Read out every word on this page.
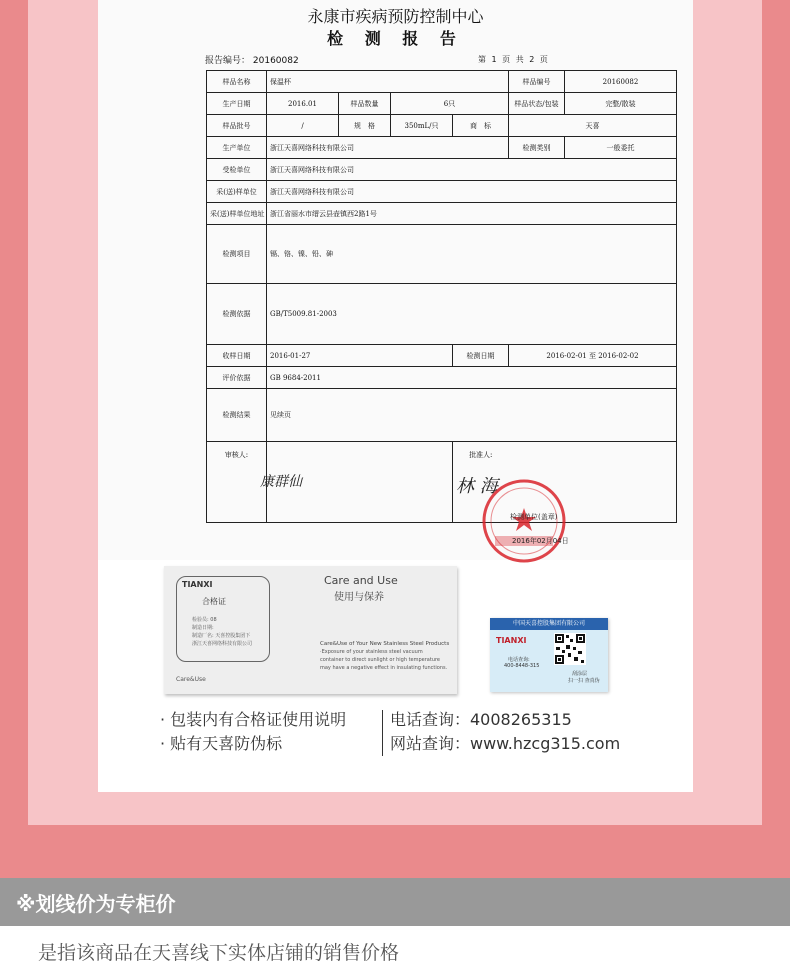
永康市疾病预防控制中心
检 测 报 告
报告编号： 20160082	第 1 页 共 2 页
样品名称	保温杯				样品编号	20160082
生产日期	2016.01	样品数量	6只		样品状态/包装	完整/散装
样品批号	/	规　格	350mL/只	商　标	天喜	
生产单位	浙江天喜网络科技有限公司				检测类别	一般委托
受检单位	浙江天喜网络科技有限公司					
采(送)样单位	浙江天喜网络科技有限公司					
采(送)样单位地址	浙江省丽水市缙云县壶镇西2路1号					
检测项目	镉、铬、镍、铅、砷					
检测依据	GB/T5009.81-2003					
收样日期	2016-01-27			检测日期	2016-02-01 至 2016-02-02	
评价依据	GB 9684-2011					
检测结果	见续页					
审核人:				批准人:		
康群仙	林 海
检测单位(盖章)
2016年02月04日
TIANXI
合格证
检验员: 08
制造日期:
制造厂名: 天喜控股集团下
浙江天喜网络科技有限公司
Care&Use
Care and Use
使用与保养
Care&Use of Your New Stainless Steel Products
·Exposure of your stainless steel vacuum
container to direct sunlight or high temperature
may have a negative effect in insulating functions.
中国天喜控股集团有限公司
TIANXI
电话查询:
400-8448-315
刮涂层
扫一扫 查真伪
· 包装内有合格证使用说明
· 贴有天喜防伪标
电话查询：4008265315
网站查询：www.hzcg315.com
※划线价为专柜价
是指该商品在天喜线下实体店铺的销售价格
